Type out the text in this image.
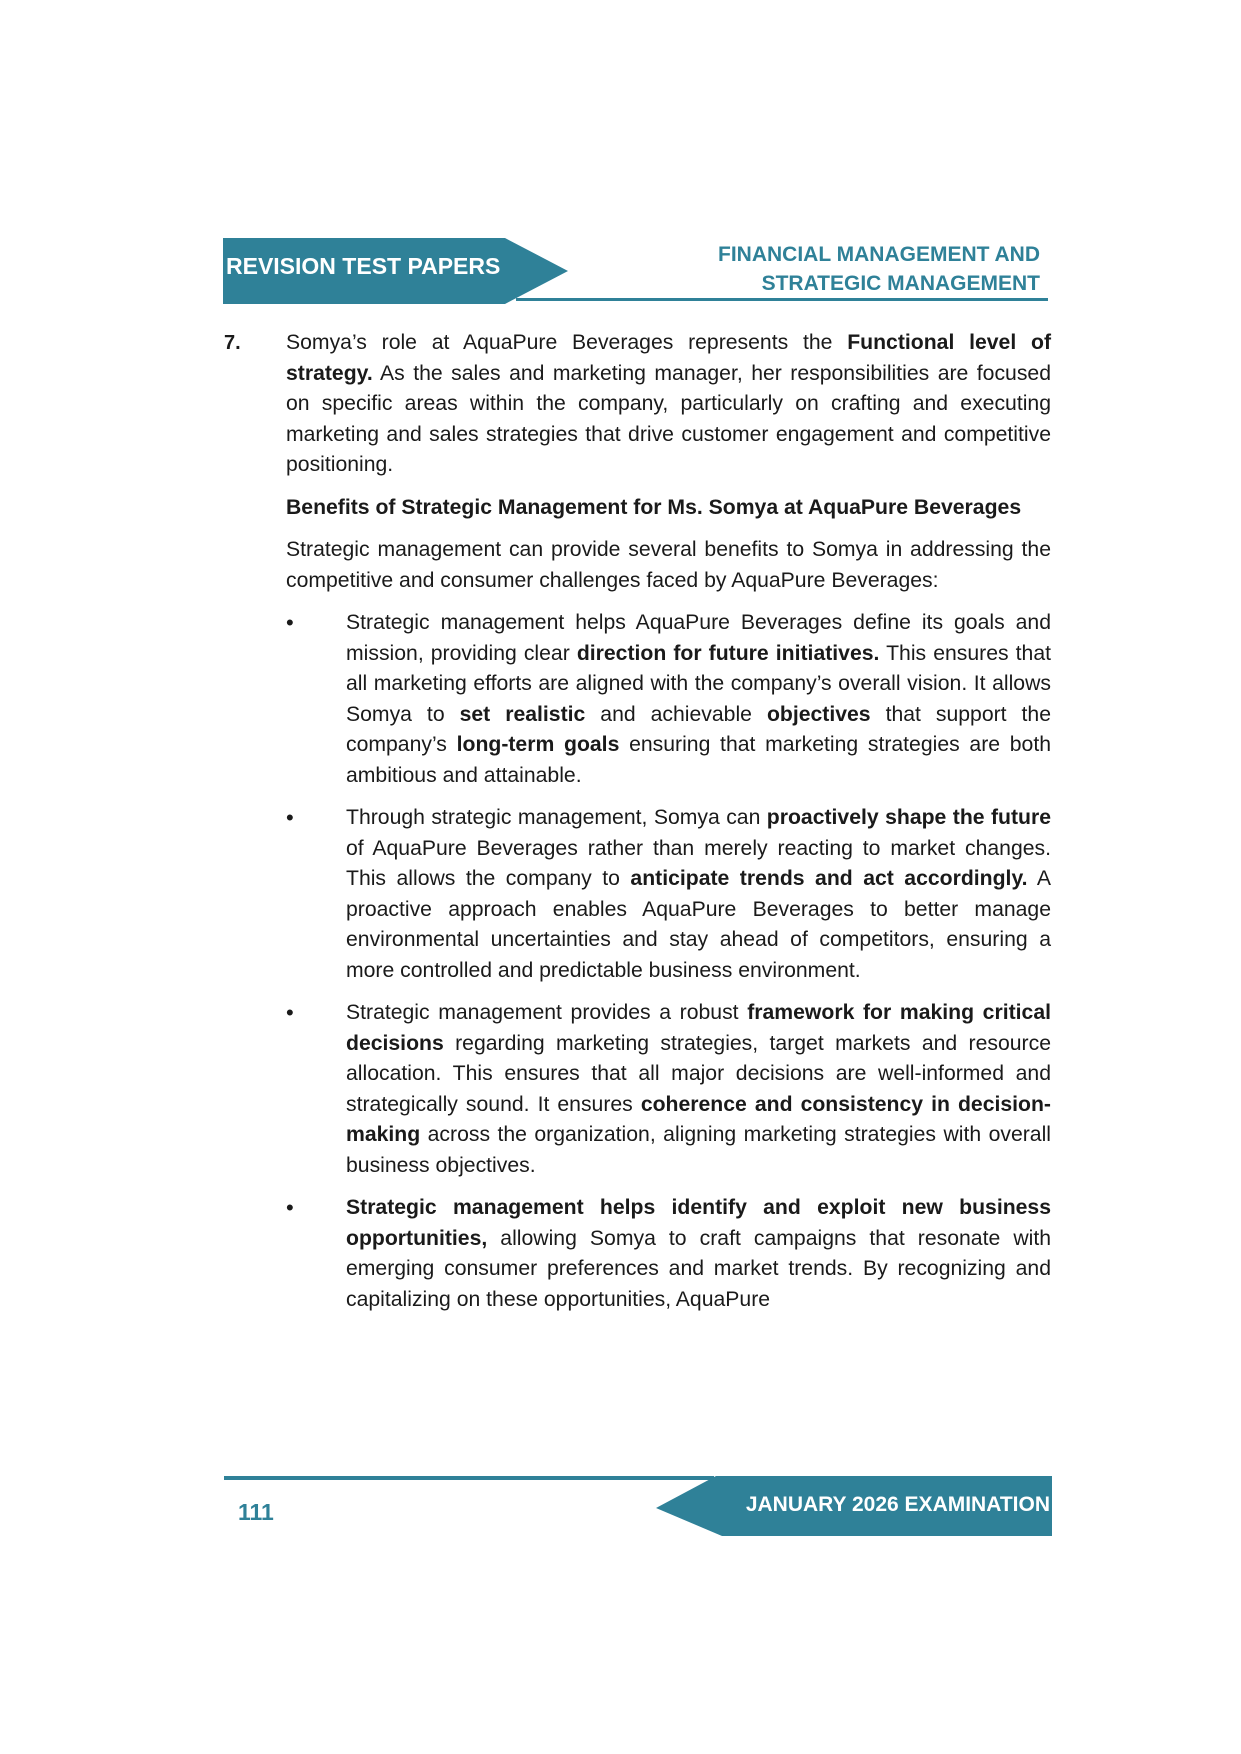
REVISION TEST PAPERS	FINANCIAL MANAGEMENT AND
STRATEGIC MANAGEMENT
7. Somya’s role at AquaPure Beverages represents the Functional level of strategy. As the sales and marketing manager, her responsibilities are focused on specific areas within the company, particularly on crafting and executing marketing and sales strategies that drive customer engagement and competitive positioning.

Benefits of Strategic Management for Ms. Somya at AquaPure Beverages

Strategic management can provide several benefits to Somya in addressing the competitive and consumer challenges faced by AquaPure Beverages:

• Strategic management helps AquaPure Beverages define its goals and mission, providing clear direction for future initiatives. This ensures that all marketing efforts are aligned with the company’s overall vision. It allows Somya to set realistic and achievable objectives that support the company’s long-term goals ensuring that marketing strategies are both ambitious and attainable.
• Through strategic management, Somya can proactively shape the future of AquaPure Beverages rather than merely reacting to market changes. This allows the company to anticipate trends and act accordingly. A proactive approach enables AquaPure Beverages to better manage environmental uncertainties and stay ahead of competitors, ensuring a more controlled and predictable business environment.
• Strategic management provides a robust framework for making critical decisions regarding marketing strategies, target markets and resource allocation. This ensures that all major decisions are well-informed and strategically sound. It ensures coherence and consistency in decision-making across the organization, aligning marketing strategies with overall business objectives.
• Strategic management helps identify and exploit new business opportunities, allowing Somya to craft campaigns that resonate with emerging consumer preferences and market trends. By recognizing and capitalizing on these opportunities, AquaPure
JANUARY 2026 EXAMINATION
111
